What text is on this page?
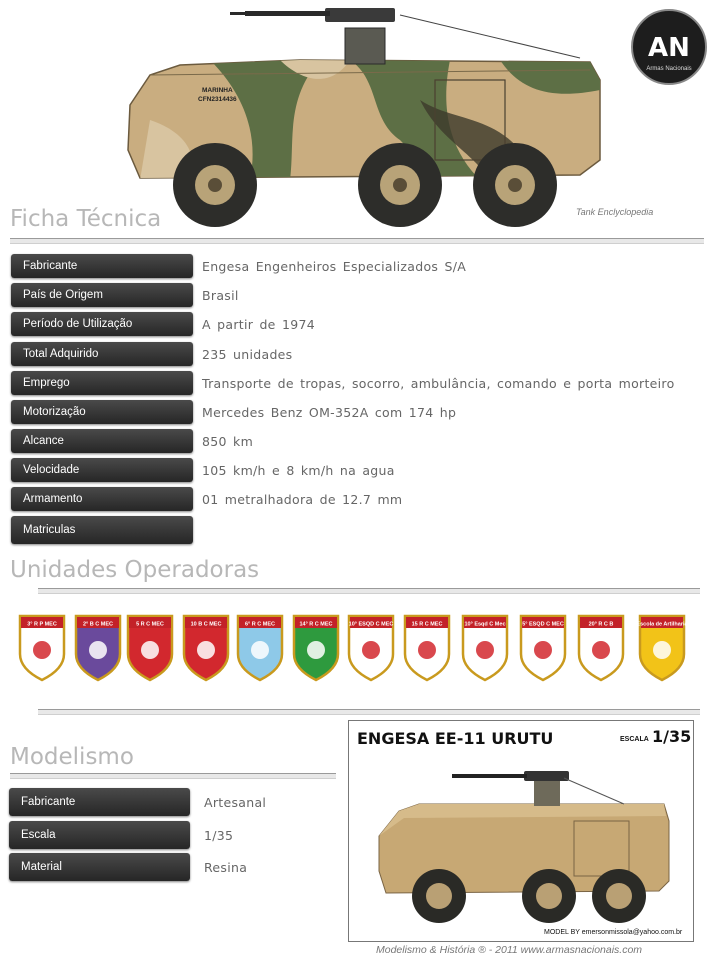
MARINHA
CFN2314436
AN
Armas Nacionais
Tank Enclyclopedia
Ficha Técnica
Fabricante	Engesa Engenheiros Especializados S/A
País de Origem	Brasil
Período de Utilização	A partir de 1974
Total Adquirido	235 unidades
Emprego	Transporte de tropas, socorro, ambulância, comando e porta morteiro
Motorização	Mercedes Benz OM-352A com 174 hp
Alcance	850 km
Velocidade	105 km/h e 8 km/h na agua
Armamento	01 metralhadora de 12.7 mm
Matriculas
Unidades Operadoras
3° R P MEC	2° B C MEC	5 R C MEC	10 B C MEC	6° R C MEC	14° R C MEC	10° ESQD C MEC	15 R C MEC	10° Esqd C Mec	5° ESQD C MEC	20° R C B	Escola de Artilharia
Modelismo
Fabricante	Artesanal
Escala	1/35
Material	Resina
ENGESA EE-11 URUTU	ESCALA 1/35
MODEL BY emersonmissola@yahoo.com.br
Modelismo & História ® - 2011 www.armasnacionais.com
